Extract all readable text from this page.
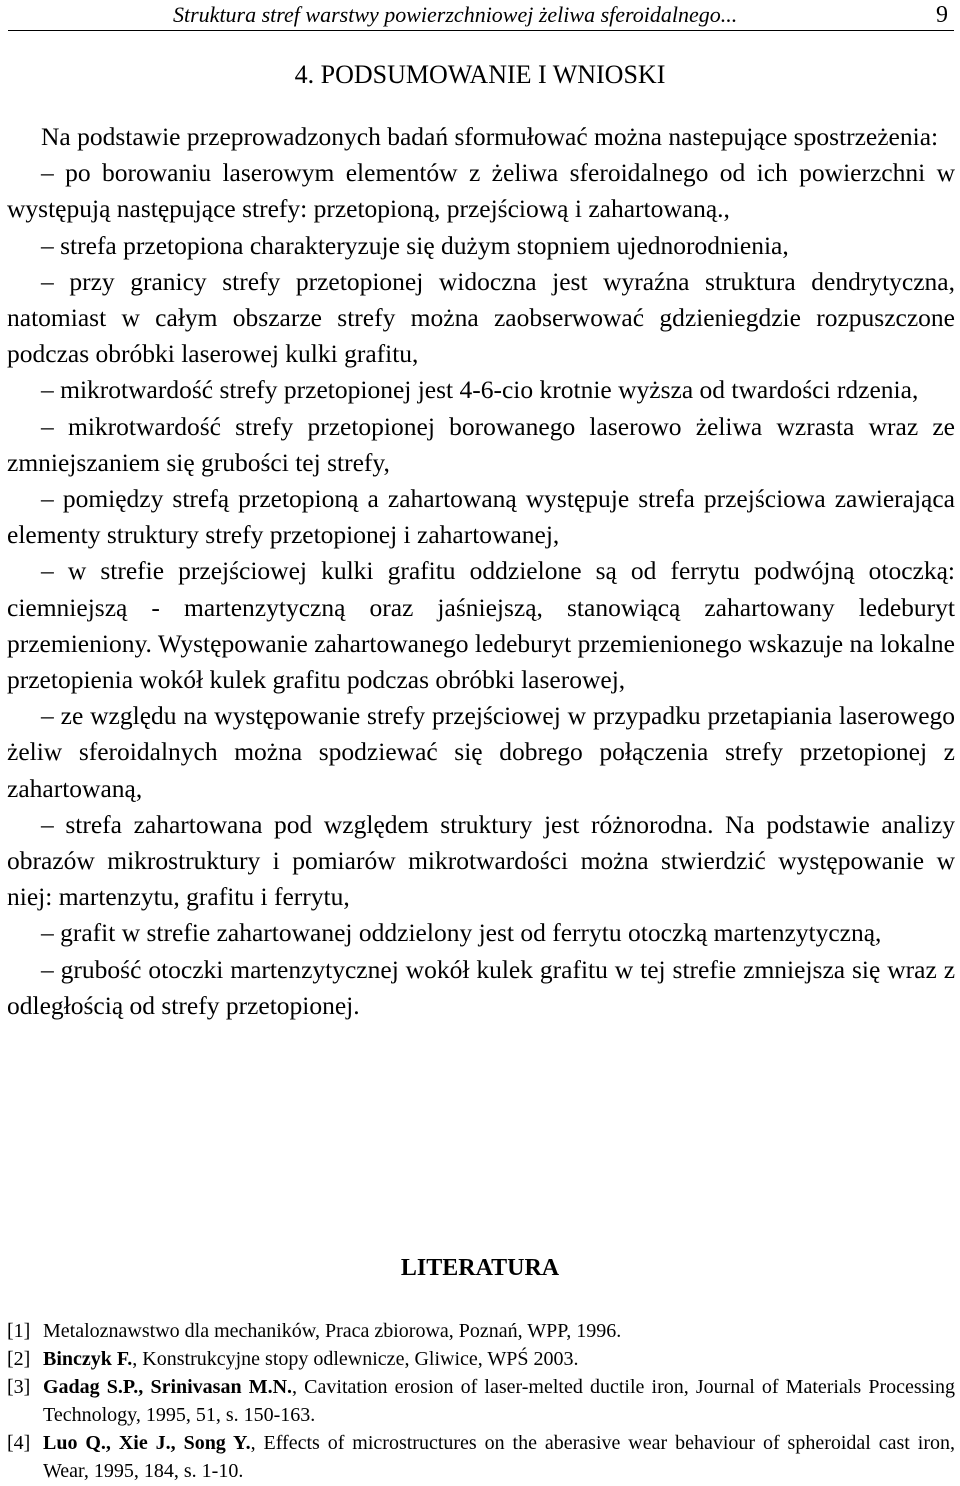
Struktura stref warstwy powierzchniowej żeliwa sferoidalnego...	9
4. PODSUMOWANIE I WNIOSKI

Na podstawie przeprowadzonych badań sformułować można nastepujące spostrzeżenia:

– po borowaniu laserowym elementów z żeliwa sferoidalnego od ich powierzchni w występują następujące strefy: przetopioną, przejściową i zahartowaną.,

– strefa przetopiona charakteryzuje się dużym stopniem ujednorodnienia,

– przy granicy strefy przetopionej widoczna jest wyraźna struktura dendrytyczna, natomiast w całym obszarze strefy można zaobserwować gdzieniegdzie rozpuszczone podczas obróbki laserowej kulki grafitu,

– mikrotwardość strefy przetopionej jest 4-6-cio krotnie wyższa od twardości rdzenia,

– mikrotwardość strefy przetopionej borowanego laserowo żeliwa wzrasta wraz ze zmniejszaniem się grubości tej strefy,

– pomiędzy strefą przetopioną a zahartowaną występuje strefa przejściowa zawierająca elementy struktury strefy przetopionej i zahartowanej,

– w strefie przejściowej kulki grafitu oddzielone są od ferrytu podwójną otoczką: ciemniejszą - martenzytyczną oraz jaśniejszą, stanowiącą zahartowany ledeburyt przemieniony. Występowanie zahartowanego ledeburyt przemienionego wskazuje na lokalne przetopienia wokół kulek grafitu podczas obróbki laserowej,

– ze względu na występowanie strefy przejściowej w przypadku przetapiania laserowego żeliw sferoidalnych można spodziewać się dobrego połączenia strefy przetopionej z zahartowaną,

– strefa zahartowana pod względem struktury jest różnorodna. Na podstawie analizy obrazów mikrostruktury i pomiarów mikrotwardości można stwierdzić występowanie w niej: martenzytu, grafitu i ferrytu,

– grafit w strefie zahartowanej oddzielony jest od ferrytu otoczką martenzytyczną,

– grubość otoczki martenzytycznej wokół kulek grafitu w tej strefie zmniejsza się wraz z odległością od strefy przetopionej.

LITERATURA
[1] Metaloznawstwo dla mechaników, Praca zbiorowa, Poznań, WPP, 1996.
[2] Binczyk F., Konstrukcyjne stopy odlewnicze, Gliwice, WPŚ 2003.
[3] Gadag S.P., Srinivasan M.N., Cavitation erosion of laser-melted ductile iron, Journal of Materials Processing Technology, 1995, 51, s. 150-163.
[4] Luo Q., Xie J., Song Y., Effects of microstructures on the aberasive wear behaviour of spheroidal cast iron, Wear, 1995, 184, s. 1-10.
